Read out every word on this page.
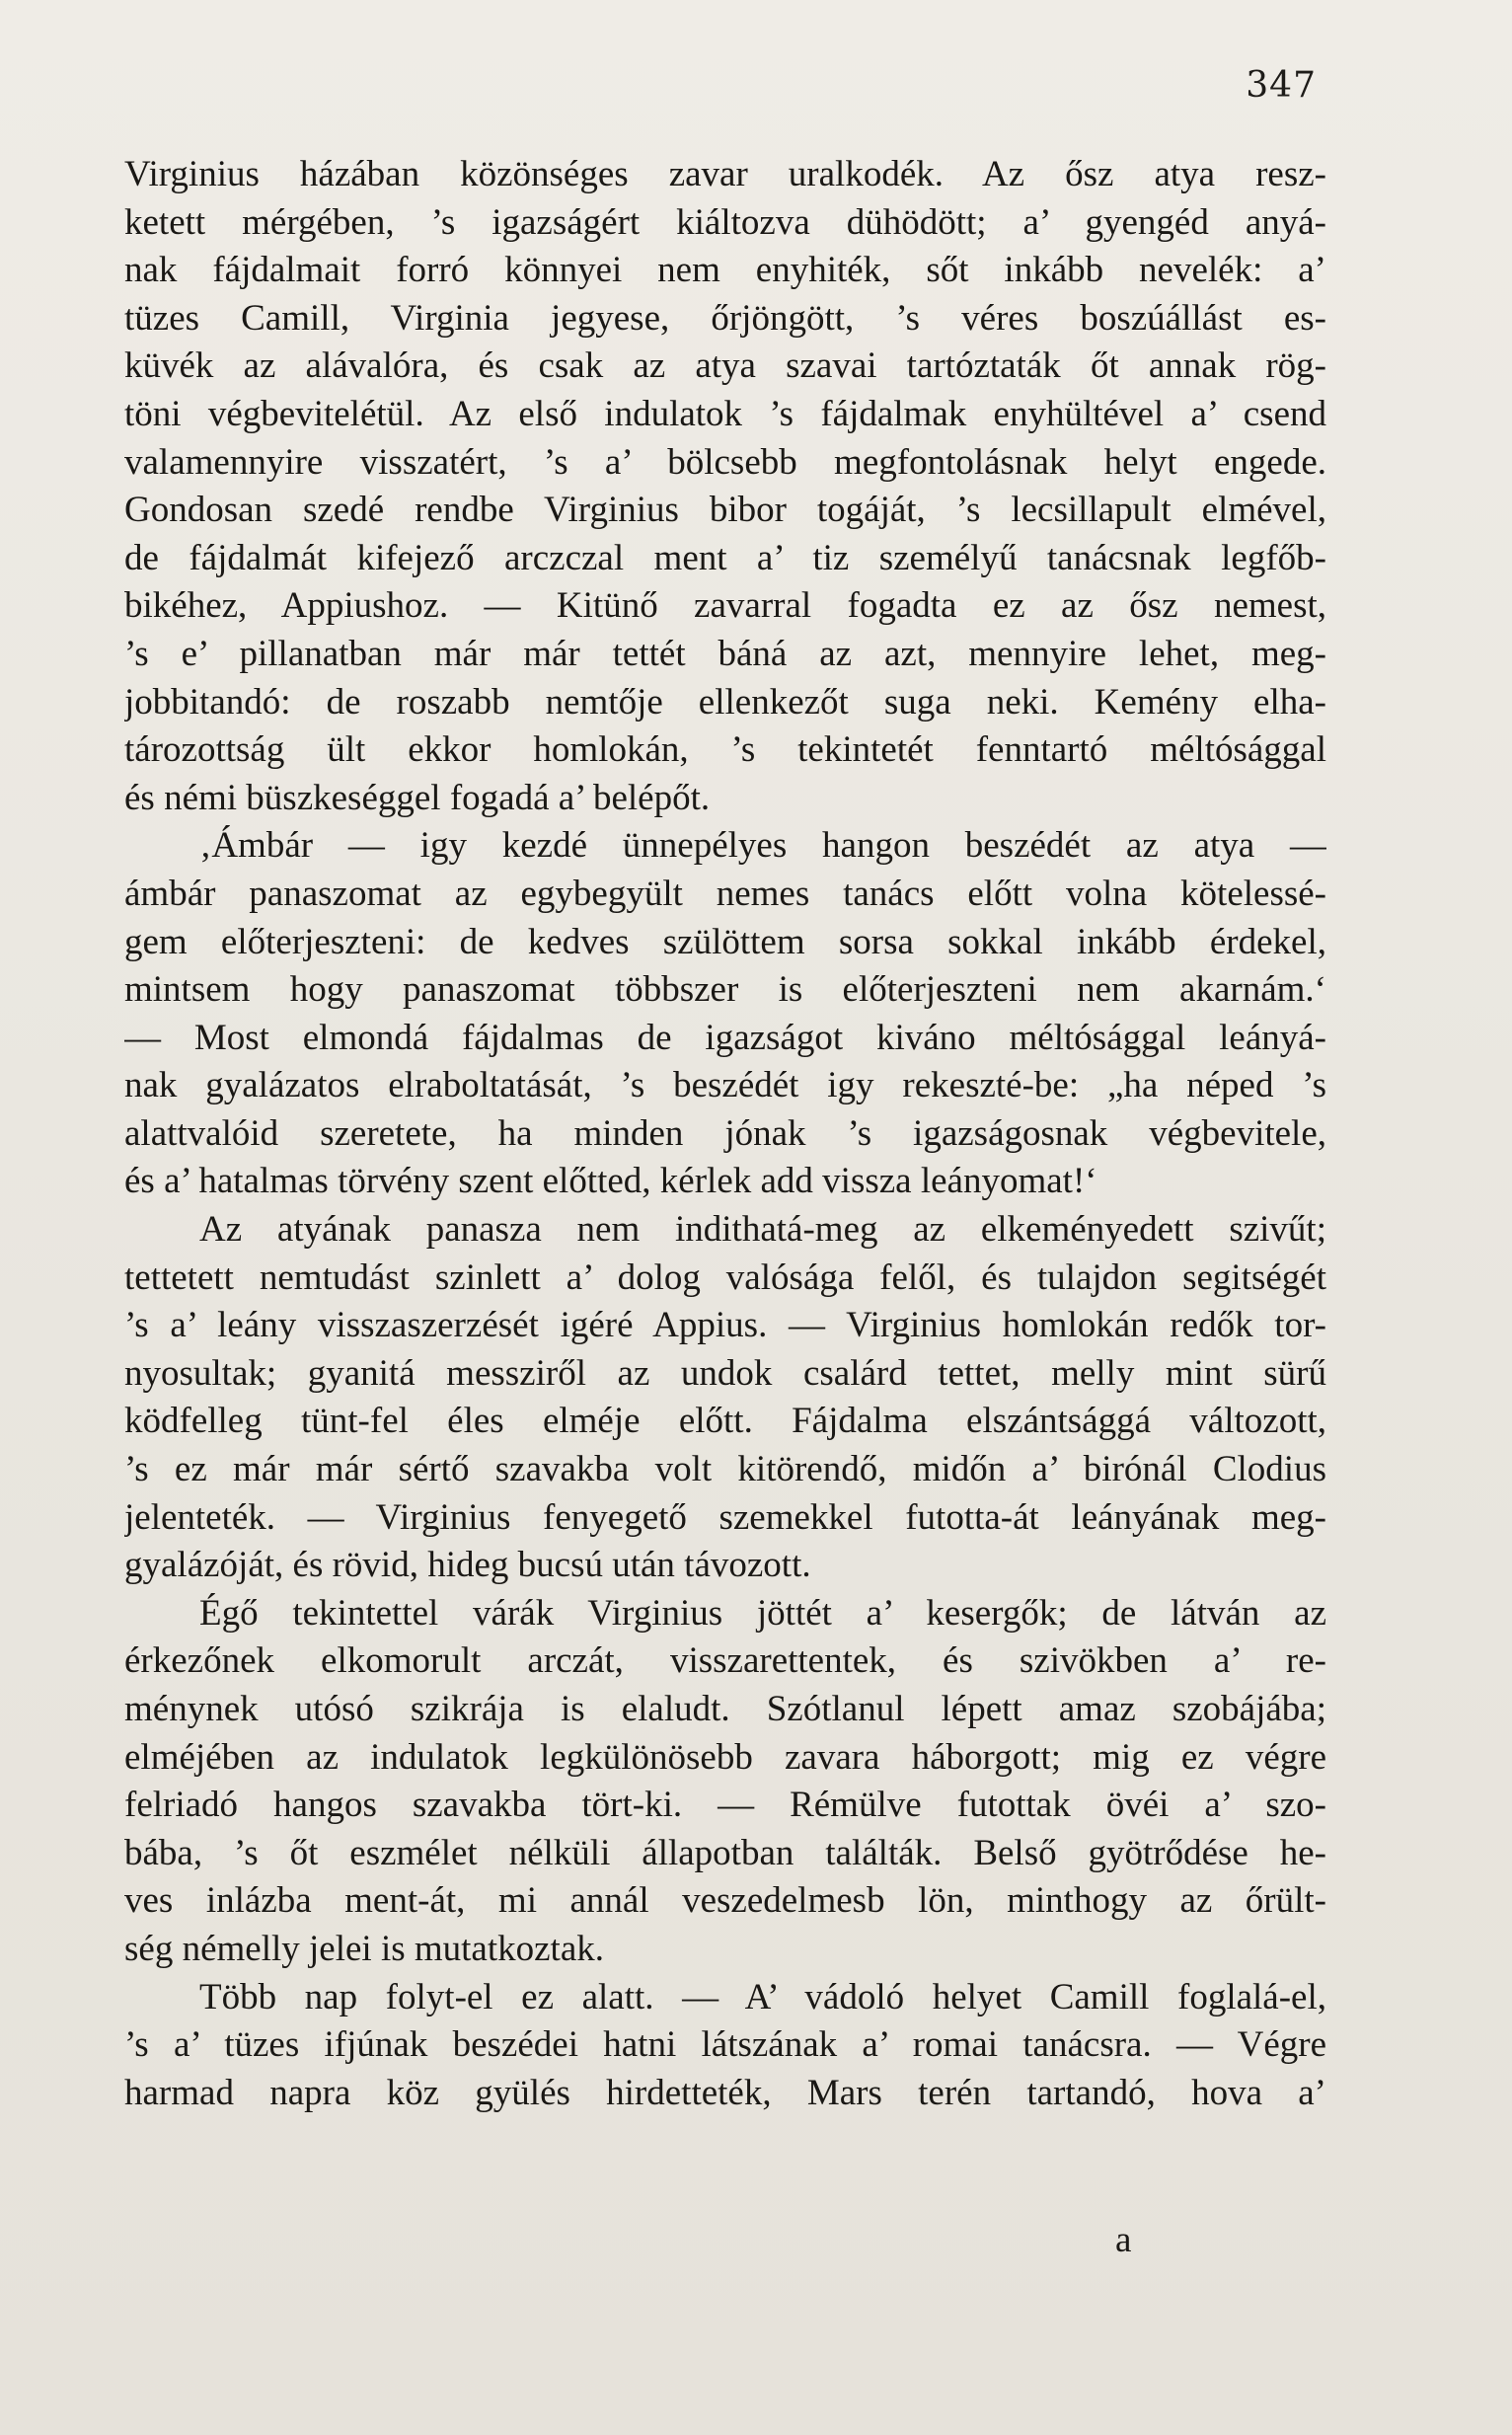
347
Virginius házában közönséges zavar uralkodék. Az ősz atya resz-
ketett mérgében, ’s igazságért kiáltozva dühödött; a’ gyengéd anyá-
nak fájdalmait forró könnyei nem enyhiték, sőt inkább nevelék: a’
tüzes Camill, Virginia jegyese, őrjöngött, ’s véres boszúállást es-
küvék az alávalóra, és csak az atya szavai tartóztaták őt annak rög-
töni végbevitelétül. Az első indulatok ’s fájdalmak enyhültével a’ csend
valamennyire visszatért, ’s a’ bölcsebb megfontolásnak helyt engede.
Gondosan szedé rendbe Virginius bibor togáját, ’s lecsillapult elmével,
de fájdalmát kifejező arczczal ment a’ tiz személyű tanácsnak legfőb-
bikéhez, Appiushoz. — Kitünő zavarral fogadta ez az ősz nemest,
’s e’ pillanatban már már tettét báná az azt, mennyire lehet, meg-
jobbitandó: de roszabb nemtője ellenkezőt suga neki. Kemény elha-
tározottság ült ekkor homlokán, ’s tekintetét fenntartó méltósággal
és némi büszkeséggel fogadá a’ belépőt.
‚Ámbár — igy kezdé ünnepélyes hangon beszédét az atya —
ámbár panaszomat az egybegyült nemes tanács előtt volna kötelessé-
gem előterjeszteni: de kedves szülöttem sorsa sokkal inkább érdekel,
mintsem hogy panaszomat többszer is előterjeszteni nem akarnám.‘
— Most elmondá fájdalmas de igazságot kiváno méltósággal leányá-
nak gyalázatos elraboltatását, ’s beszédét igy rekeszté-be: „ha néped ’s
alattvalóid szeretete, ha minden jónak ’s igazságosnak végbevitele,
és a’ hatalmas törvény szent előtted, kérlek add vissza leányomat!‘
Az atyának panasza nem indithatá-meg az elkeményedett szivűt;
tettetett nemtudást szinlett a’ dolog valósága felől, és tulajdon segitségét
’s a’ leány visszaszerzését igéré Appius. — Virginius homlokán redők tor-
nyosultak; gyanitá messziről az undok csalárd tettet, melly mint sürű
ködfelleg tünt-fel éles elméje előtt. Fájdalma elszántsággá változott,
’s ez már már sértő szavakba volt kitörendő, midőn a’ birónál Clodius
jelenteték. — Virginius fenyegető szemekkel futotta-át leányának meg-
gyalázóját, és rövid, hideg bucsú után távozott.
Égő tekintettel várák Virginius jöttét a’ kesergők; de látván az
érkezőnek elkomorult arczát, visszarettentek, és szivökben a’ re-
ménynek utósó szikrája is elaludt. Szótlanul lépett amaz szobájába;
elméjében az indulatok legkülönösebb zavara háborgott; mig ez végre
felriadó hangos szavakba tört-ki. — Rémülve futottak övéi a’ szo-
bába, ’s őt eszmélet nélküli állapotban találták. Belső gyötrődése he-
ves inlázba ment-át, mi annál veszedelmesb lön, minthogy az őrült-
ség némelly jelei is mutatkoztak.
Több nap folyt-el ez alatt. — A’ vádoló helyet Camill foglalá-el,
’s a’ tüzes ifjúnak beszédei hatni látszának a’ romai tanácsra. — Végre
harmad napra köz gyülés hirdetteték, Mars terén tartandó, hova a’
a
